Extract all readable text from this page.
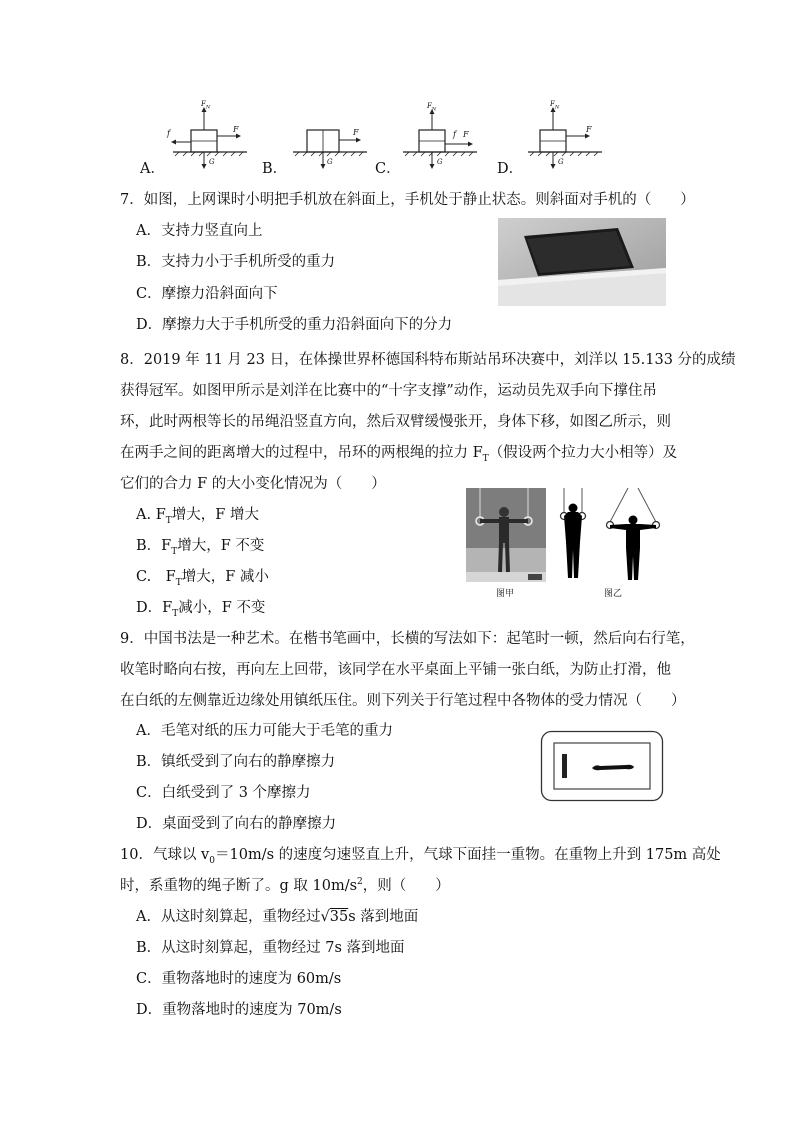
$F_N$
f	F
G
A．
F
G
B．
$F_N$
f F
G
C．
$F_N$
F
G
D．
7．如图，上网课时小明把手机放在斜面上，手机处于静止状态。则斜面对手机的（　　）
A．支持力竖直向上
B．支持力小于手机所受的重力
C．摩擦力沿斜面向下
D．摩擦力大于手机所受的重力沿斜面向下的分力
8．2019 年 11 月 23 日，在体操世界杯德国科特布斯站吊环决赛中，刘洋以 15.133 分的成绩
获得冠军。如图甲所示是刘洋在比赛中的“十字支撑”动作，运动员先双手向下撑住吊
环，此时两根等长的吊绳沿竖直方向，然后双臂缓慢张开，身体下移，如图乙所示，则
在两手之间的距离增大的过程中，吊环的两根绳的拉力 $F_T$（假设两个拉力大小相等）及
它们的合力 F 的大小变化情况为（　　）
A. $F_T$增大，F 增大
B．$F_T$增大，F 不变
C.　$F_T$增大，F 减小
D．$F_T$减小，F 不变
图甲	图乙
9．中国书法是一种艺术。在楷书笔画中，长横的写法如下：起笔时一顿，然后向右行笔，
收笔时略向右按，再向左上回带，该同学在水平桌面上平铺一张白纸，为防止打滑，他
在白纸的左侧靠近边缘处用镇纸压住。则下列关于行笔过程中各物体的受力情况（　　）
A．毛笔对纸的压力可能大于毛笔的重力
B．镇纸受到了向右的静摩擦力
C．白纸受到了 3 个摩擦力
D．桌面受到了向右的静摩擦力
10．气球以 $v_0=10m/s$ 的速度匀速竖直上升，气球下面挂一重物。在重物上升到 175m 高处
时，系重物的绳子断了。g 取 $10m/s^2$，则（　　）
A．从这时刻算起，重物经过√35s 落到地面
B．从这时刻算起，重物经过 7s 落到地面
C．重物落地时的速度为 60m/s
D．重物落地时的速度为 70m/s
